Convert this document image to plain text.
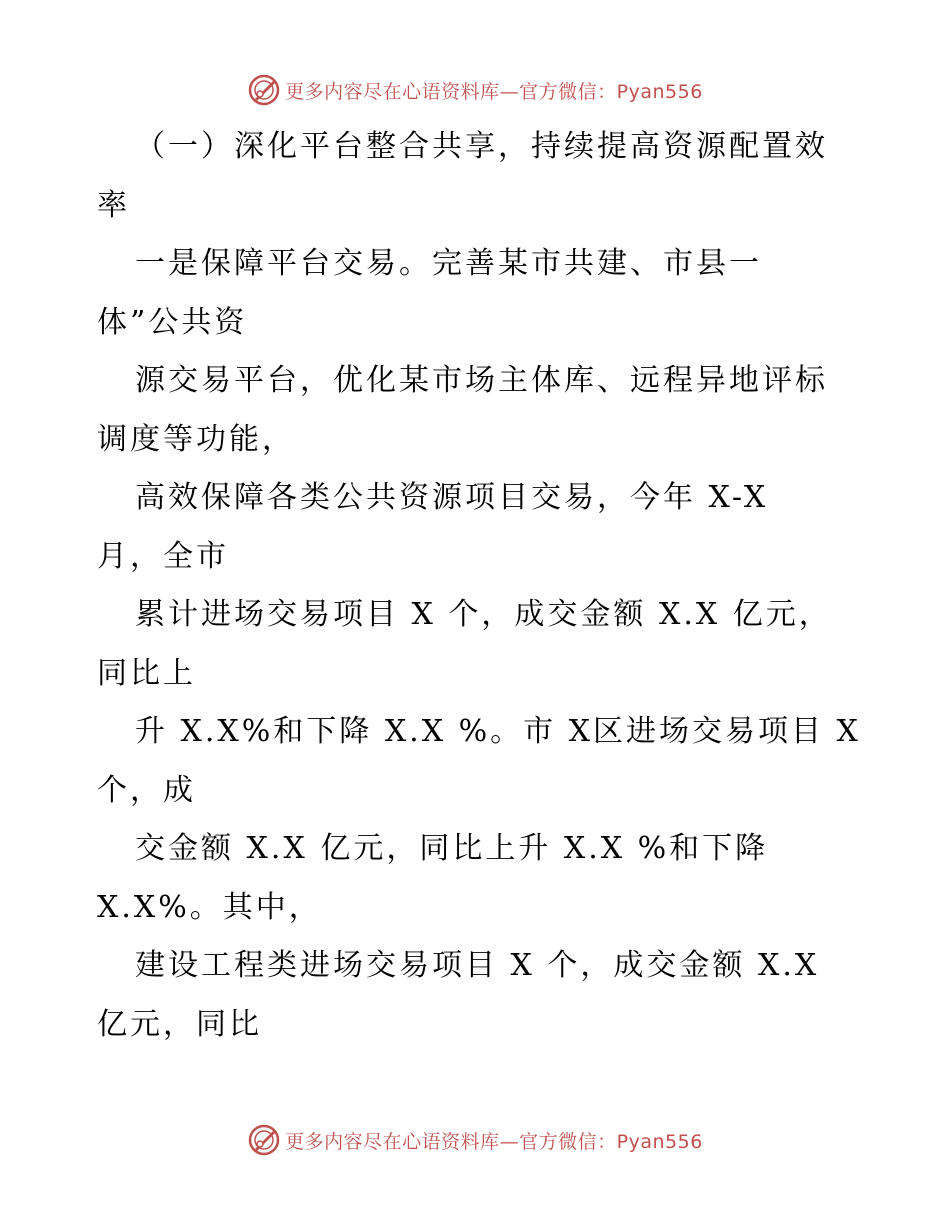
更多内容尽在心语资料库—官方微信：Pyan556
（一）深化平台整合共享，持续提高资源配置效
率
一是保障平台交易。完善某市共建、市县一
体”公共资
源交易平台，优化某市场主体库、远程异地评标
调度等功能，
高效保障各类公共资源项目交易，今年 X-X
月，全市
累计进场交易项目 X 个，成交金额 X.X 亿元，
同比上
升 X.X%和下降 X.X %。市 X区进场交易项目 X
个，成
交金额 X.X 亿元，同比上升 X.X %和下降
X.X%。其中，
建设工程类进场交易项目 X 个，成交金额 X.X
亿元，同比
更多内容尽在心语资料库—官方微信：Pyan556
